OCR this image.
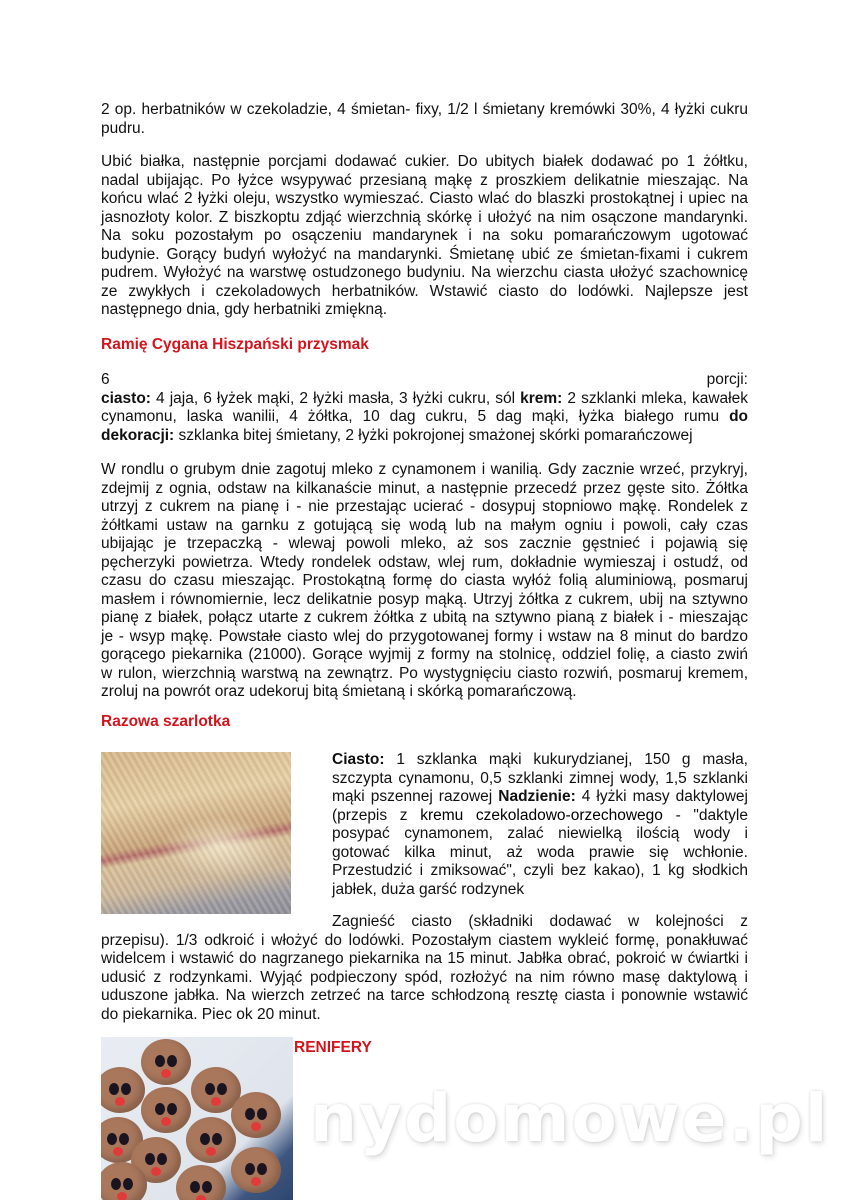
2 op. herbatników w czekoladzie, 4 śmietan- fixy, 1/2 l śmietany kremówki 30%, 4 łyżki cukru
pudru.
Ubić białka, następnie porcjami dodawać cukier. Do ubitych białek dodawać po 1 żółtku,
nadal ubijając. Po łyżce wsypywać przesianą mąkę z proszkiem delikatnie mieszając. Na
końcu wlać 2 łyżki oleju, wszystko wymieszać. Ciasto wlać do blaszki prostokątnej i upiec na
jasnozłoty kolor. Z biszkoptu zdjąć wierzchnią skórkę i ułożyć na nim osączone mandarynki.
Na soku pozostałym po osączeniu mandarynek i na soku pomarańczowym ugotować
budynie. Gorący budyń wyłożyć na mandarynki. Śmietanę ubić ze śmietan-fixami i cukrem
pudrem. Wyłożyć na warstwę ostudzonego budyniu. Na wierzchu ciasta ułożyć szachownicę
ze zwykłych i czekoladowych herbatników. Wstawić ciasto do lodówki. Najlepsze jest
następnego dnia, gdy herbatniki zmiękną.
Ramię Cygana Hiszpański przysmak
6 porcji:
ciasto: 4 jaja, 6 łyżek mąki, 2 łyżki masła, 3 łyżki cukru, sól krem: 2 szklanki mleka, kawałek
cynamonu, laska wanilii, 4 żółtka, 10 dag cukru, 5 dag mąki, łyżka białego rumu do
dekoracji: szklanka bitej śmietany, 2 łyżki pokrojonej smażonej skórki pomarańczowej
W rondlu o grubym dnie zagotuj mleko z cynamonem i wanilią. Gdy zacznie wrzeć, przykryj,
zdejmij z ognia, odstaw na kilkanaście minut, a następnie przecedź przez gęste sito. Żółtka
utrzyj z cukrem na pianę i - nie przestając ucierać - dosypuj stopniowo mąkę. Rondelek z
żółtkami ustaw na garnku z gotującą się wodą lub na małym ogniu i powoli, cały czas
ubijając je trzepaczką - wlewaj powoli mleko, aż sos zacznie gęstnieć i pojawią się
pęcherzyki powietrza. Wtedy rondelek odstaw, wlej rum, dokładnie wymieszaj i ostudź, od
czasu do czasu mieszając. Prostokątną formę do ciasta wyłóż folią aluminiową, posmaruj
masłem i równomiernie, lecz delikatnie posyp mąką. Utrzyj żółtka z cukrem, ubij na sztywno
pianę z białek, połącz utarte z cukrem żółtka z ubitą na sztywno pianą z białek i - mieszając
je - wsyp mąkę. Powstałe ciasto wlej do przygotowanej formy i wstaw na 8 minut do bardzo
gorącego piekarnika (21000). Gorące wyjmij z formy na stolnicę, oddziel folię, a ciasto zwiń
w rulon, wierzchnią warstwą na zewnątrz. Po wystygnięciu ciasto rozwiń, posmaruj kremem,
zroluj na powrót oraz udekoruj bitą śmietaną i skórką pomarańczową.
Razowa szarlotka
Ciasto: 1 szklanka mąki kukurydzianej, 150 g masła,
szczypta cynamonu, 0,5 szklanki zimnej wody, 1,5 szklanki
mąki pszennej razowej Nadzienie: 4 łyżki masy daktylowej
(przepis z kremu czekoladowo-orzechowego - "daktyle
posypać cynamonem, zalać niewielką ilością wody i
gotować kilka minut, aż woda prawie się wchłonie.
Przestudzić i zmiksować", czyli bez kakao), 1 kg słodkich
jabłek, duża garść rodzynek
Zagnieść ciasto (składniki dodawać w kolejności z
przepisu). 1/3 odkroić i włożyć do lodówki. Pozostałym ciastem wykleić formę, ponakłuwać
widelcem i wstawić do nagrzanego piekarnika na 15 minut. Jabłka obrać, pokroić w ćwiartki i
udusić z rodzynkami. Wyjąć podpieczony spód, rozłożyć na nim równo masę daktylową i
uduszone jabłka. Na wierzch zetrzeć na tarce schłodzoną resztę ciasta i ponownie wstawić
do piekarnika. Piec ok 20 minut.
RENIFERY
nydomowe.pl
